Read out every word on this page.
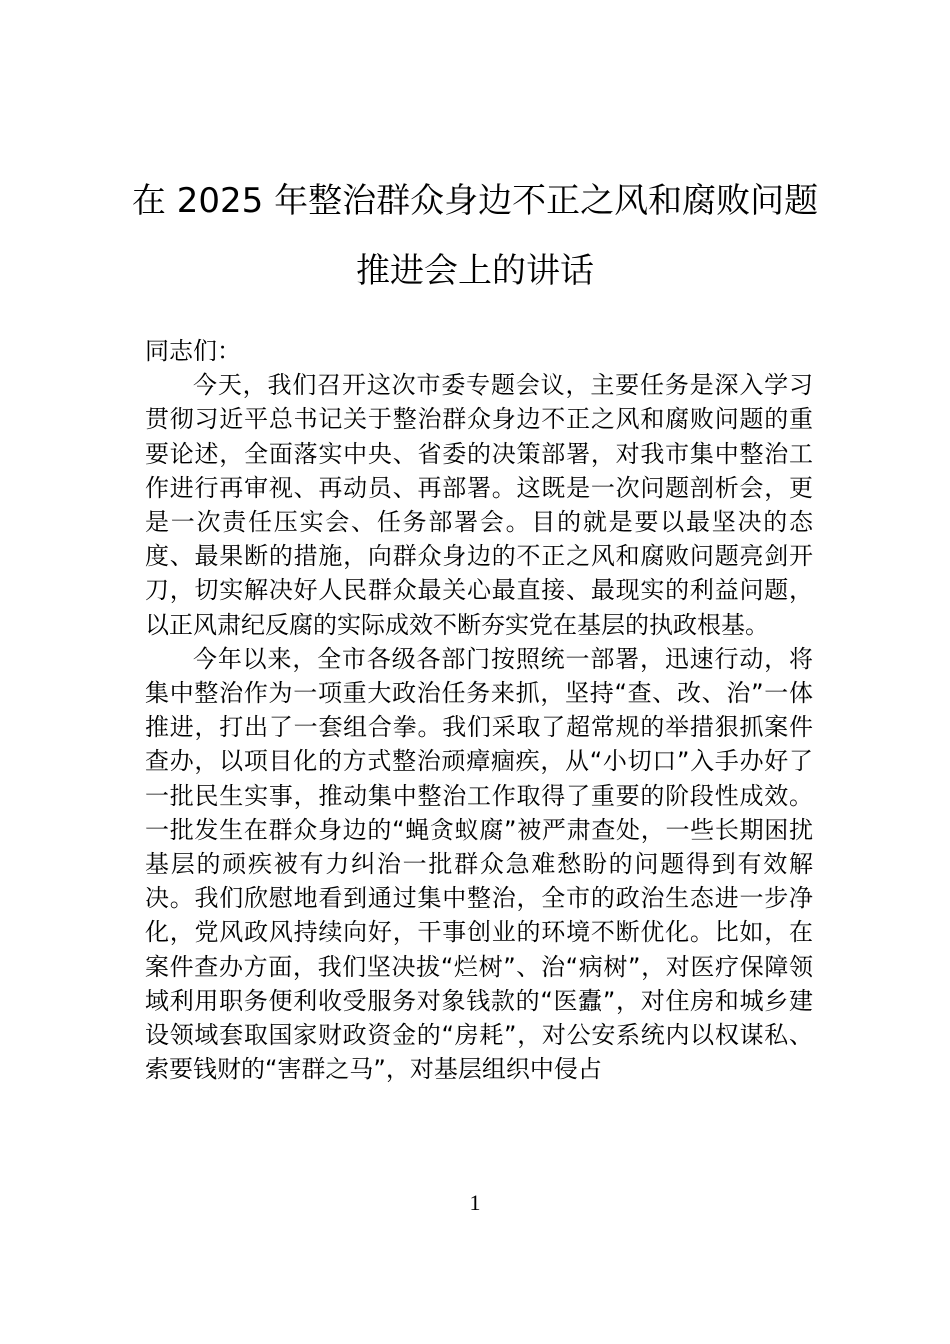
在 2025 年整治群众身边不正之风和腐败问题推进会上的讲话

同志们：

今天，我们召开这次市委专题会议，主要任务是深入学习贯彻习近平总书记关于整治群众身边不正之风和腐败问题的重要论述，全面落实中央、省委的决策部署，对我市集中整治工作进行再审视、再动员、再部署。这既是一次问题剖析会，更是一次责任压实会、任务部署会。目的就是要以最坚决的态度、最果断的措施，向群众身边的不正之风和腐败问题亮剑开刀，切实解决好人民群众最关心最直接、最现实的利益问题，以正风肃纪反腐的实际成效不断夯实党在基层的执政根基。

今年以来，全市各级各部门按照统一部署，迅速行动，将集中整治作为一项重大政治任务来抓，坚持“查、改、治”一体推进，打出了一套组合拳。我们采取了超常规的举措狠抓案件查办，以项目化的方式整治顽瘴痼疾，从“小切口”入手办好了一批民生实事，推动集中整治工作取得了重要的阶段性成效。一批发生在群众身边的“蝇贪蚁腐”被严肃查处，一些长期困扰基层的顽疾被有力纠治一批群众急难愁盼的问题得到有效解决。我们欣慰地看到通过集中整治，全市的政治生态进一步净化，党风政风持续向好，干事创业的环境不断优化。比如，在案件查办方面，我们坚决拔“烂树”、治“病树”，对医疗保障领域利用职务便利收受服务对象钱款的“医蠹”，对住房和城乡建设领域套取国家财政资金的“房耗”，对公安系统内以权谋私、索要钱财的“害群之马”，对基层组织中侵占

1
